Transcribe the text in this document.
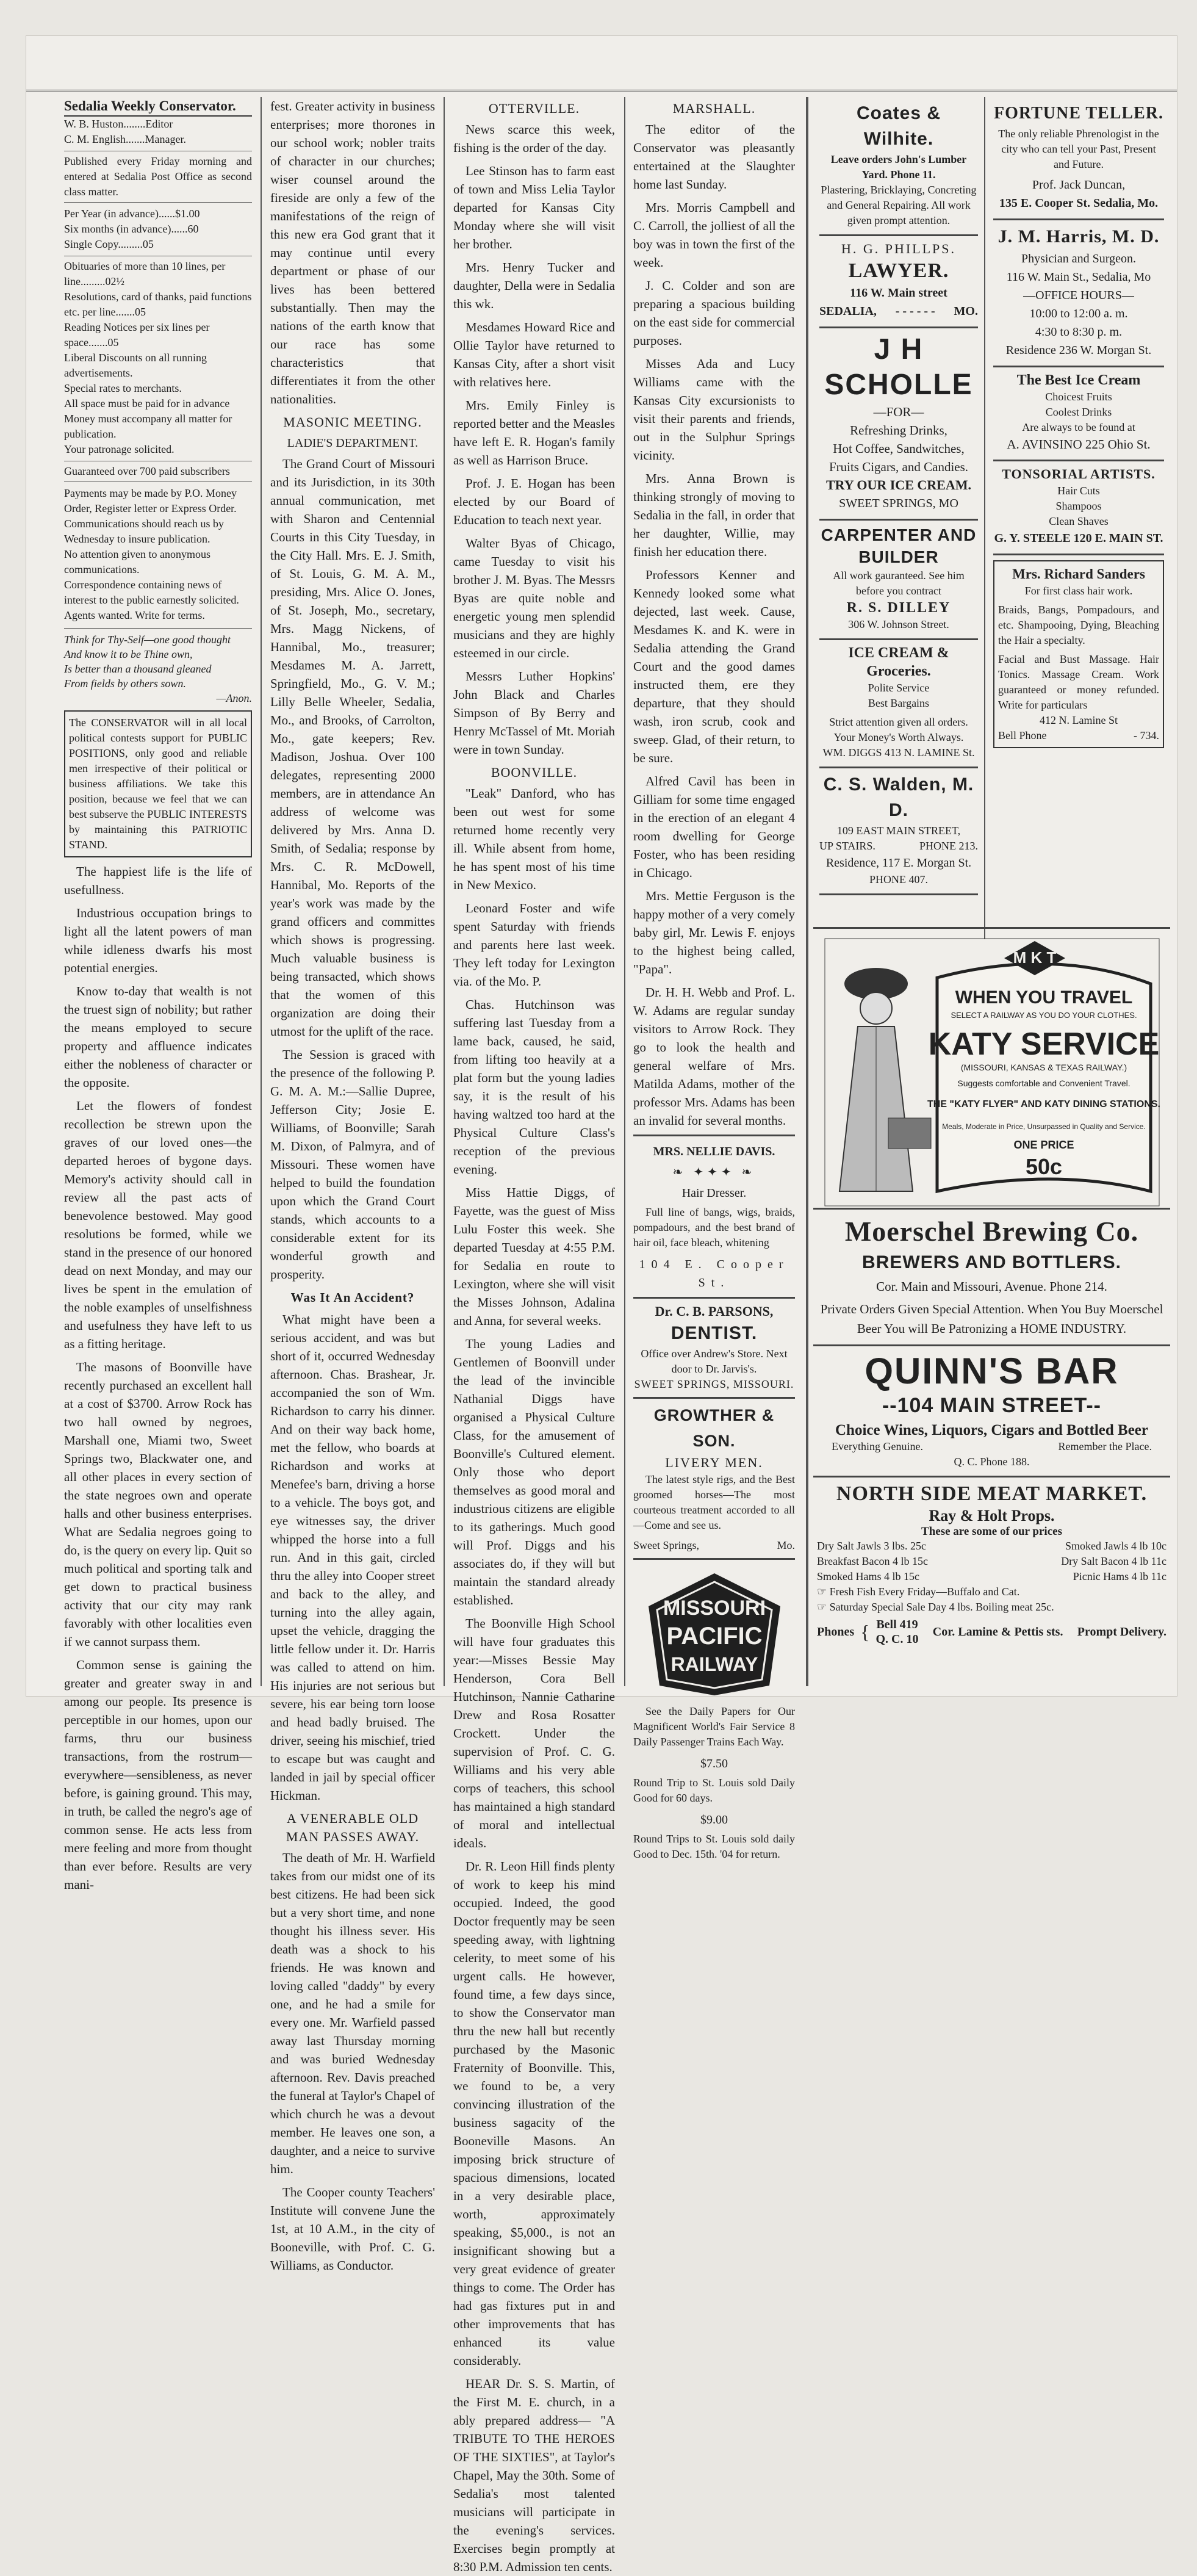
Sedalia Weekly Conservator.
W. B. Huston........Editor
C. M. English.......Manager.

Published every Friday morning and entered at Sedalia Post Office as second class matter.

Per Year (in advance)......$1.00
Six months (in advance)......60
Single Copy.........05
Obituaries of more than 10 lines, per line.........02½
Resolutions, card of thanks, paid functions etc. per line.......05
Reading Notices per six lines per space.......05
Liberal Discounts on all running advertisements.
Special rates to merchants.
All space must be paid for in advance
Money must accompany all matter for publication.
Your patronage solicited.
Guaranteed over 700 paid subscribers
Payments may be made by P.O. Money Order, Register letter or Express Order.
Communications should reach us by Wednesday to insure publication.
No attention given to anonymous communications.
Correspondence containing news of interest to the public earnestly solicited. Agents wanted. Write for terms.
Think for Thy-Self—one good thought
And know it to be Thine own,
Is better than a thousand gleaned
From fields by others sown.
—Anon.
The CONSERVATOR will in all local political contests support for PUBLIC POSITIONS, only good and reliable men irrespective of their political or business affiliations. We take this position, because we feel that we can best subserve the PUBLIC INTERESTS by maintaining this PATRIOTIC STAND.

The happiest life is the life of usefullness.

Industrious occupation brings to light all the latent powers of man while idleness dwarfs his most potential energies.

Know to-day that wealth is not the truest sign of nobility; but rather the means employed to secure property and affluence indicates either the nobleness of character or the opposite.

Let the flowers of fondest recollection be strewn upon the graves of our loved ones—the departed heroes of bygone days. Memory's activity should call in review all the past acts of benevolence bestowed. May good resolutions be formed, while we stand in the presence of our honored dead on next Monday, and may our lives be spent in the emulation of the noble examples of unselfishness and usefulness they have left to us as a fitting heritage.

The masons of Boonville have recently purchased an excellent hall at a cost of $3700. Arrow Rock has two hall owned by negroes, Marshall one, Miami two, Sweet Springs two, Blackwater one, and all other places in every section of the state negroes own and operate halls and other business enterprises. What are Sedalia negroes going to do, is the query on every lip. Quit so much political and sporting talk and get down to practical business activity that our city may rank favorably with other localities even if we cannot surpass them.

Common sense is gaining the greater and greater sway in and among our people. Its presence is perceptible in our homes, upon our farms, thru our business transactions, from the rostrum—everywhere—sensibleness, as never before, is gaining ground. This may, in truth, be called the negro's age of common sense. He acts less from mere feeling and more from thought than ever before. Results are very mani-

fest. Greater activity in business enterprises; more thorones in our school work; nobler traits of character in our churches; wiser counsel around the fireside are only a few of the manifestations of the reign of this new era God grant that it may continue until every department or phase of our lives has been bettered substantially. Then may the nations of the earth know that our race has some characteristics that differentiates it from the other nationalities.

MASONIC MEETING.
LADIE'S DEPARTMENT.

The Grand Court of Missouri and its Jurisdiction, in its 30th annual communication, met with Sharon and Centennial Courts in this City Tuesday, in the City Hall. Mrs. E. J. Smith, of St. Louis, G. M. A. M., presiding, Mrs. Alice O. Jones, of St. Joseph, Mo., secretary, Mrs. Magg Nickens, of Hannibal, Mo., treasurer; Mesdames M. A. Jarrett, Springfield, Mo., G. V. M.; Lilly Belle Wheeler, Sedalia, Mo., and Brooks, of Carrolton, Mo., gate keepers; Rev. Madison, Joshua. Over 100 delegates, representing 2000 members, are in attendance An address of welcome was delivered by Mrs. Anna D. Smith, of Sedalia; response by Mrs. C. R. McDowell, Hannibal, Mo. Reports of the year's work was made by the grand officers and committes which shows is progressing. Much valuable business is being transacted, which shows that the women of this organization are doing their utmost for the uplift of the race.

The Session is graced with the presence of the following P. G. M. A. M.:—Sallie Dupree, Jefferson City; Josie E. Williams, of Boonville; Sarah M. Dixon, of Palmyra, and of Missouri. These women have helped to build the foundation upon which the Grand Court stands, which accounts to a considerable extent for its wonderful growth and prosperity.

Was It An Accident?

What might have been a serious accident, and was but short of it, occurred Wednesday afternoon. Chas. Brashear, Jr. accompanied the son of Wm. Richardson to carry his dinner. And on their way back home, met the fellow, who boards at Richardson and works at Menefee's barn, driving a horse to a vehicle. The boys got, and eye witnesses say, the driver whipped the horse into a full run. And in this gait, circled thru the alley into Cooper street and back to the alley, and turning into the alley again, upset the vehicle, dragging the little fellow under it. Dr. Harris was called to attend on him. His injuries are not serious but severe, his ear being torn loose and head badly bruised. The driver, seeing his mischief, tried to escape but was caught and landed in jail by special officer Hickman.

A VENERABLE OLD MAN PASSES AWAY.

The death of Mr. H. Warfield takes from our midst one of its best citizens. He had been sick but a very short time, and none thought his illness sever. His death was a shock to his friends. He was known and loving called "daddy" by every one, and he had a smile for every one. Mr. Warfield passed away last Thursday morning and was buried Wednesday afternoon. Rev. Davis preached the funeral at Taylor's Chapel of which church he was a devout member. He leaves one son, a daughter, and a neice to survive him.

The Cooper county Teachers' Institute will convene June the 1st, at 10 A.M., in the city of Booneville, with Prof. C. G. Williams, as Conductor.

OTTERVILLE.

News scarce this week, fishing is the order of the day.

Lee Stinson has to farm east of town and Miss Lelia Taylor departed for Kansas City Monday where she will visit her brother.

Mrs. Henry Tucker and daughter, Della were in Sedalia this wk.

Mesdames Howard Rice and Ollie Taylor have returned to Kansas City, after a short visit with relatives here.

Mrs. Emily Finley is reported better and the Measles have left E. R. Hogan's family as well as Harrison Bruce.

Prof. J. E. Hogan has been elected by our Board of Education to teach next year.

Walter Byas of Chicago, came Tuesday to visit his brother J. M. Byas. The Messrs Byas are quite noble and energetic young men splendid musicians and they are highly esteemed in our circle.

Messrs Luther Hopkins' John Black and Charles Simpson of By Berry and Henry McTassel of Mt. Moriah were in town Sunday.

BOONVILLE.

"Leak" Danford, who has been out west for some returned home recently very ill. While absent from home, he has spent most of his time in New Mexico.

Leonard Foster and wife spent Saturday with friends and parents here last week. They left today for Lexington via. of the Mo. P.

Chas. Hutchinson was suffering last Tuesday from a lame back, caused, he said, from lifting too heavily at a plat form but the young ladies say, it is the result of his having waltzed too hard at the Physical Culture Class's reception of the previous evening.

Miss Hattie Diggs, of Fayette, was the guest of Miss Lulu Foster this week. She departed Tuesday at 4:55 P.M. for Sedalia en route to Lexington, where she will visit the Misses Johnson, Adalina and Anna, for several weeks.

The young Ladies and Gentlemen of Boonvill under the lead of the invincible Nathanial Diggs have organised a Physical Culture Class, for the amusement of Boonville's Cultured element. Only those who deport themselves as good moral and industrious citizens are eligible to its gatherings. Much good will Prof. Diggs and his associates do, if they will but maintain the standard already established.

The Boonville High School will have four graduates this year:—Misses Bessie May Henderson, Cora Bell Hutchinson, Nannie Catharine Drew and Rosa Rosatter Crockett. Under the supervision of Prof. C. G. Williams and his very able corps of teachers, this school has maintained a high standard of moral and intellectual ideals.

Dr. R. Leon Hill finds plenty of work to keep his mind occupied. Indeed, the good Doctor frequently may be seen speeding away, with lightning celerity, to meet some of his urgent calls. He however, found time, a few days since, to show the Conservator man thru the new hall but recently purchased by the Masonic Fraternity of Boonville. This, we found to be, a very convincing illustration of the business sagacity of the Booneville Masons. An imposing brick structure of spacious dimensions, located in a very desirable place, worth, approximately speaking, $5,000., is not an insignificant showing but a very great evidence of greater things to come. The Order has had gas fixtures put in and other improvements that has enhanced its value considerably.

HEAR Dr. S. S. Martin, of the First M. E. church, in a ably prepared address— "A TRIBUTE TO THE HEROES OF THE SIXTIES", at Taylor's Chapel, May the 30th. Some of Sedalia's most talented musicians will participate in the evening's services. Exercises begin promptly at 8:30 P.M. Admission ten cents.

MARSHALL.

The editor of the Conservator was pleasantly entertained at the Slaughter home last Sunday.

Mrs. Morris Campbell and C. Carroll, the jolliest of all the boy was in town the first of the week.

J. C. Colder and son are preparing a spacious building on the east side for commercial purposes.

Misses Ada and Lucy Williams came with the Kansas City excursionists to visit their parents and friends, out in the Sulphur Springs vicinity.

Mrs. Anna Brown is thinking strongly of moving to Sedalia in the fall, in order that her daughter, Willie, may finish her education there.

Professors Kenner and Kennedy looked some what dejected, last week. Cause, Mesdames K. and K. were in Sedalia attending the Grand Court and the good dames instructed them, ere they departure, that they should wash, iron scrub, cook and sweep. Glad, of their return, to be sure.

Alfred Cavil has been in Gilliam for some time engaged in the erection of an elegant 4 room dwelling for George Foster, who has been residing in Chicago.

Mrs. Mettie Ferguson is the happy mother of a very comely baby girl, Mr. Lewis F. enjoys to the highest being called, "Papa".

Dr. H. H. Webb and Prof. L. W. Adams are regular sunday visitors to Arrow Rock. They go to look the health and general welfare of Mrs. Matilda Adams, mother of the professor Mrs. Adams has been an invalid for several months.

MRS. NELLIE DAVIS.
❧ ✦✦✦ ❧
Hair Dresser.

Full line of bangs, wigs, braids, pompadours, and the best brand of hair oil, face bleach, whitening

104 E. Cooper St.
Dr. C. B. PARSONS,
DENTIST.
Office over Andrew's Store. Next door to Dr. Jarvis's.
SWEET SPRINGS, MISSOURI.
GROWTHER & SON.
LIVERY MEN.

The latest style rigs, and the Best groomed horses—The most courteous treatment accorded to all—Come and see us.

Sweet Springs,	Mo.
MISSOURI
PACIFIC
RAILWAY

See the Daily Papers for Our Magnificent World's Fair Service 8 Daily Passenger Trains Each Way.

$7.50

Round Trip to St. Louis sold Daily Good for 60 days.

$9.00

Round Trips to St. Louis sold daily Good to Dec. 15th. '04 for return.

Coates & Wilhite.
Leave orders John's Lumber Yard. Phone 11.
Plastering, Bricklaying, Concreting and General Repairing. All work given prompt attention.
H. G. PHILLPS.
LAWYER.
116 W. Main street
SEDALIA, - - - - - - MO.
J H SCHOLLE
—FOR—
Refreshing Drinks,
Hot Coffee, Sandwitches,
Fruits Cigars, and Candies.
TRY OUR ICE CREAM.
SWEET SPRINGS, MO
CARPENTER AND
BUILDER
All work gauranteed. See him before you contract
R. S. DILLEY
306 W. Johnson Street.
ICE CREAM & Groceries.
Polite Service
Best Bargains
Strict attention given all orders. Your Money's Worth Always.
WM. DIGGS 413 N. LAMINE St.
C. S. Walden, M. D.
109 EAST MAIN STREET,
UP STAIRS.	PHONE 213.
Residence, 117 E. Morgan St.
PHONE 407.
FORTUNE TELLER.
The only reliable Phrenologist in the city who can tell your Past, Present and Future.
Prof. Jack Duncan,
135 E. Cooper St. Sedalia, Mo.
J. M. Harris, M. D.
Physician and Surgeon.
116 W. Main St., Sedalia, Mo
—OFFICE HOURS—
10:00 to 12:00 a. m.
4:30 to 8:30 p. m.
Residence 236 W. Morgan St.
The Best Ice Cream
Choicest Fruits
Coolest Drinks
Are always to be found at
A. AVINSINO 225 Ohio St.
TONSORIAL ARTISTS.
Hair Cuts
Shampoos
Clean Shaves
G. Y. STEELE 120 E. MAIN ST.
Mrs. Richard Sanders
For first class hair work.
Braids, Bangs, Pompadours, and etc. Shampooing, Dying, Bleaching the Hair a specialty.
Facial and Bust Massage. Hair Tonics. Massage Cream. Work guaranteed or money refunded. Write for particulars
412 N. Lamine St
Bell Phone	- 734.
M K T
WHEN YOU TRAVEL
SELECT A RAILWAY AS YOU DO YOUR CLOTHES.
KATY SERVICE
(MISSOURI, KANSAS & TEXAS RAILWAY.)
Suggests comfortable and Convenient Travel.
THE "KATY FLYER" AND KATY DINING STATIONS.
Meals, Moderate in Price, Unsurpassed in Quality and Service.
ONE PRICE
50c
Moerschel Brewing Co.
BREWERS AND BOTTLERS.
Cor. Main and Missouri, Avenue. Phone 214.
Private Orders Given Special Attention. When You Buy Moerschel Beer You will Be Patronizing a HOME INDUSTRY.
QUINN'S BAR
--104 MAIN STREET--
Choice Wines, Liquors, Cigars and Bottled Beer
Everything Genuine.	Remember the Place.
Q. C. Phone 188.
NORTH SIDE MEAT MARKET.
Ray & Holt Props.
These are some of our prices
Dry Salt Jawls 3 lbs. 25c	Smoked Jawls 4 lb 10c
Breakfast Bacon 4 lb 15c	Dry Salt Bacon 4 lb 11c
Smoked Hams 4 lb 15c	Picnic Hams 4 lb 11c
☞ Fresh Fish Every Friday—Buffalo and Cat.
☞ Saturday Special Sale Day 4 lbs. Boiling meat 25c.
Phones { Bell 419
Q. C. 10
Cor. Lamine & Pettis sts.	Prompt Delivery.
